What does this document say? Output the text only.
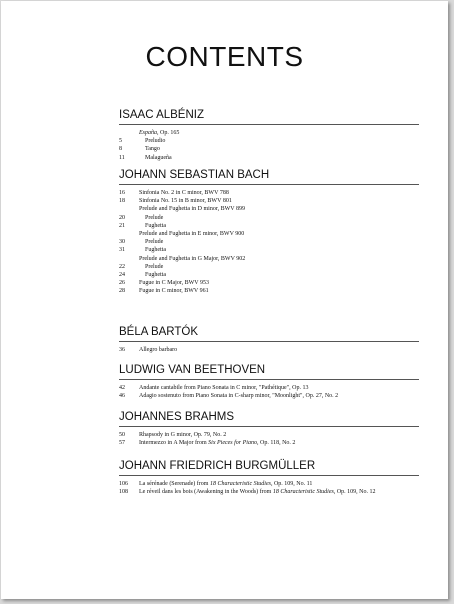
CONTENTS
ISAAC ALBÉNIZ
España, Op. 165
5	Preludio
8	Tango
11	Malagueña
JOHANN SEBASTIAN BACH
16	Sinfonia No. 2 in C minor, BWV 788
18	Sinfonia No. 15 in B minor, BWV 801
Prelude and Fughetta in D minor, BWV 899
20	Prelude
21	Fughetta
Prelude and Fughetta in E minor, BWV 900
30	Prelude
31	Fughetta
Prelude and Fughetta in G Major, BWV 902
22	Prelude
24	Fughetta
26	Fugue in C Major, BWV 953
28	Fugue in C minor, BWV 961
BÉLA BARTÓK
36	Allegro barbaro
LUDWIG VAN BEETHOVEN
42	Andante cantabile from Piano Sonata in C minor, "Pathétique", Op. 13
46	Adagio sostenuto from Piano Sonata in C-sharp minor, "Moonlight", Op. 27, No. 2
JOHANNES BRAHMS
50	Rhapsody in G minor, Op. 79, No. 2
57	Intermezzo in A Major from Six Pieces for Piano, Op. 118, No. 2
JOHANN FRIEDRICH BURGMÜLLER
106	La sérénade (Serenade) from 18 Characteristic Studies, Op. 109, No. 11
108	Le réveil dans les bois (Awakening in the Woods) from 18 Characteristic Studies, Op. 109, No. 12
